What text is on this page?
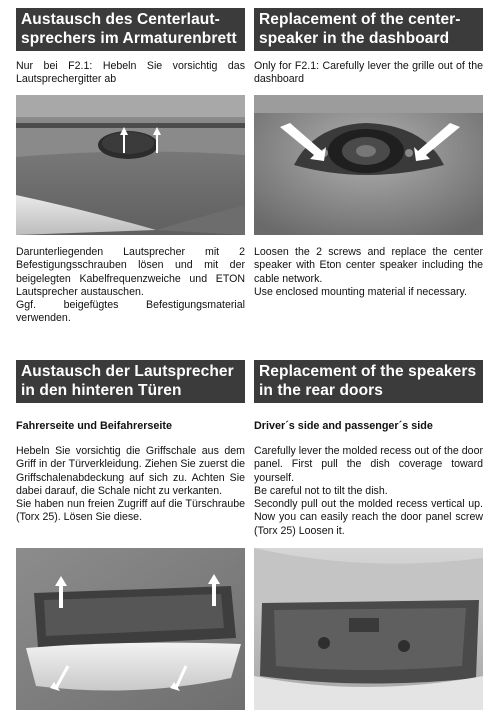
Austausch des Centerlaut-
sprechers im Armaturenbrett
Replacement of the center-
speaker in the dashboard
Nur bei F2.1: Hebeln Sie vorsichtig das Lautsprechergitter ab
Only for F2.1: Carefully lever the grille out of the dashboard

Darunterliegenden Lautsprecher mit 2 Befestigungsschrauben lösen und mit der beigelegten Kabelfrequenzweiche und ETON Lautsprecher austauschen.

Ggf. beigefügtes Befestigungsmaterial verwenden.

Loosen the 2 screws and replace the center speaker with Eton center speaker including the cable network.

Use enclosed mounting material if necessary.

Austausch der Lautsprecher
in den hinteren Türen
Replacement of the speakers
in the rear doors
Fahrerseite und Beifahrerseite	Driver´s side and passenger´s side

Hebeln Sie vorsichtig die Griffschale aus dem Griff in der Türverkleidung. Ziehen Sie zuerst die Griffschalenabdeckung auf sich zu. Achten Sie dabei darauf, die Schale nicht zu verkanten.

Sie haben nun freien Zugriff auf die Türschraube (Torx 25). Lösen Sie diese.

Carefully lever the molded recess out of the door panel. First pull the dish coverage toward yourself.

Be careful not to tilt the dish.

Secondly pull out the molded recess vertical up. Now you can easily reach the door panel screw (Torx 25) Loosen it.
